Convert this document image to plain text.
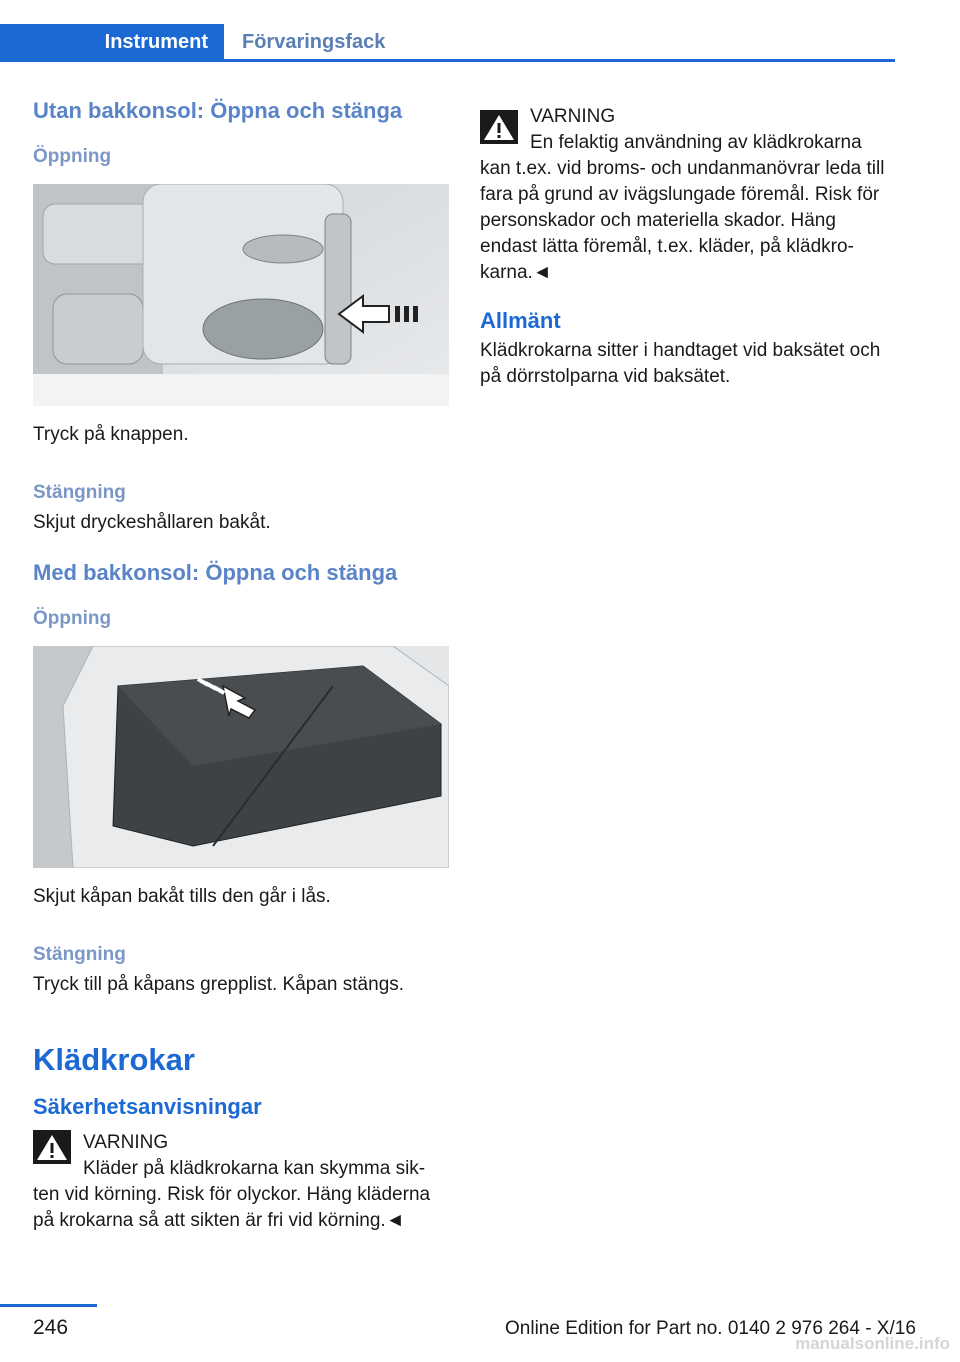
Instrument	Förvaringsfack
Utan bakkonsol: Öppna och stänga
Öppning

Tryck på knappen.

Stängning

Skjut dryckeshållaren bakåt.

Med bakkonsol: Öppna och stänga
Öppning

Skjut kåpan bakåt tills den går i lås.

Stängning

Tryck till på kåpans grepplist. Kåpan stängs.

Klädkrokar
Säkerhetsanvisningar

VARNING
Kläder på klädkrokarna kan skymma sik‐ten vid körning. Risk för olyckor. Häng kläderna på krokarna så att sikten är fri vid körning.◄

VARNING
En felaktig användning av klädkrokarna kan t.ex. vid broms- och undanmanövrar leda till fara på grund av ivägslungade föremål. Risk för personskador och materiella skador. Häng endast lätta föremål, t.ex. kläder, på klädkro‐karna.◄

Allmänt

Klädkrokarna sitter i handtaget vid baksätet och på dörrstolparna vid baksätet.

246	Online Edition for Part no. 0140 2 976 264 - X/16
manualsonline.info
